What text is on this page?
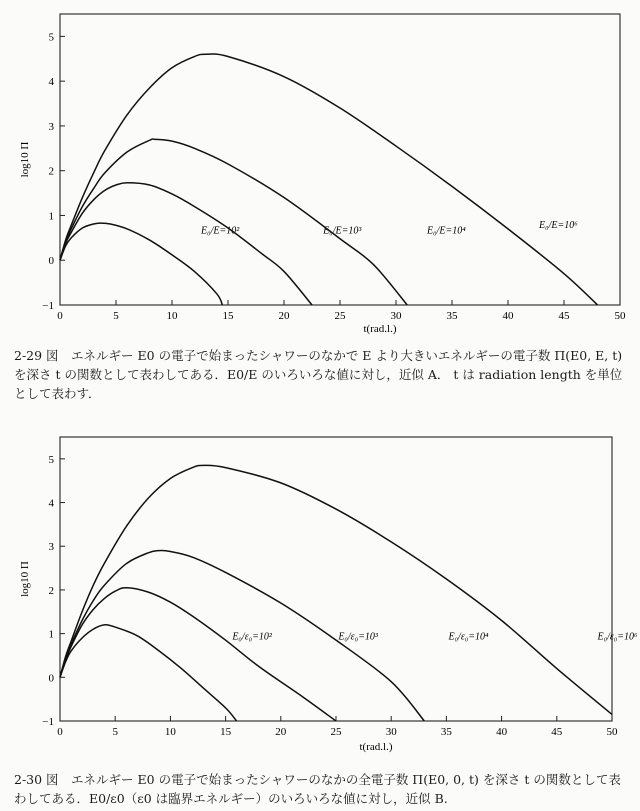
0	5	10	15	20	25	30	35	40	45	50
−1
0
1
2
3
4
5
t(rad.l.)
log10 Π
E₀/E=10²	E₀/E=10³	E₀/E=10⁴	E₀/E=10⁶
0	5	10	15	20	25	30	35	40	45	50
−1
0
1
2
3
4
5
t(rad.l.)
log10 Π
E₀/ε₀=10²	E₀/ε₀=10³	E₀/ε₀=10⁴	E₀/ε₀=10⁶
2-29 図　エネルギー E0 の電子で始まったシャワーのなかで E より大きいエネルギーの電子数 Π(E0, E, t) を深さ t の関数として表わしてある．E0/E のいろいろな値に対し，近似 A． t は radiation length を単位として表わす．
2-30 図　エネルギー E0 の電子で始まったシャワーのなかの全電子数 Π(E0, 0, t) を深さ t の関数として表わしてある．E0/ε0（ε0 は臨界エネルギー）のいろいろな値に対し，近似 B.
